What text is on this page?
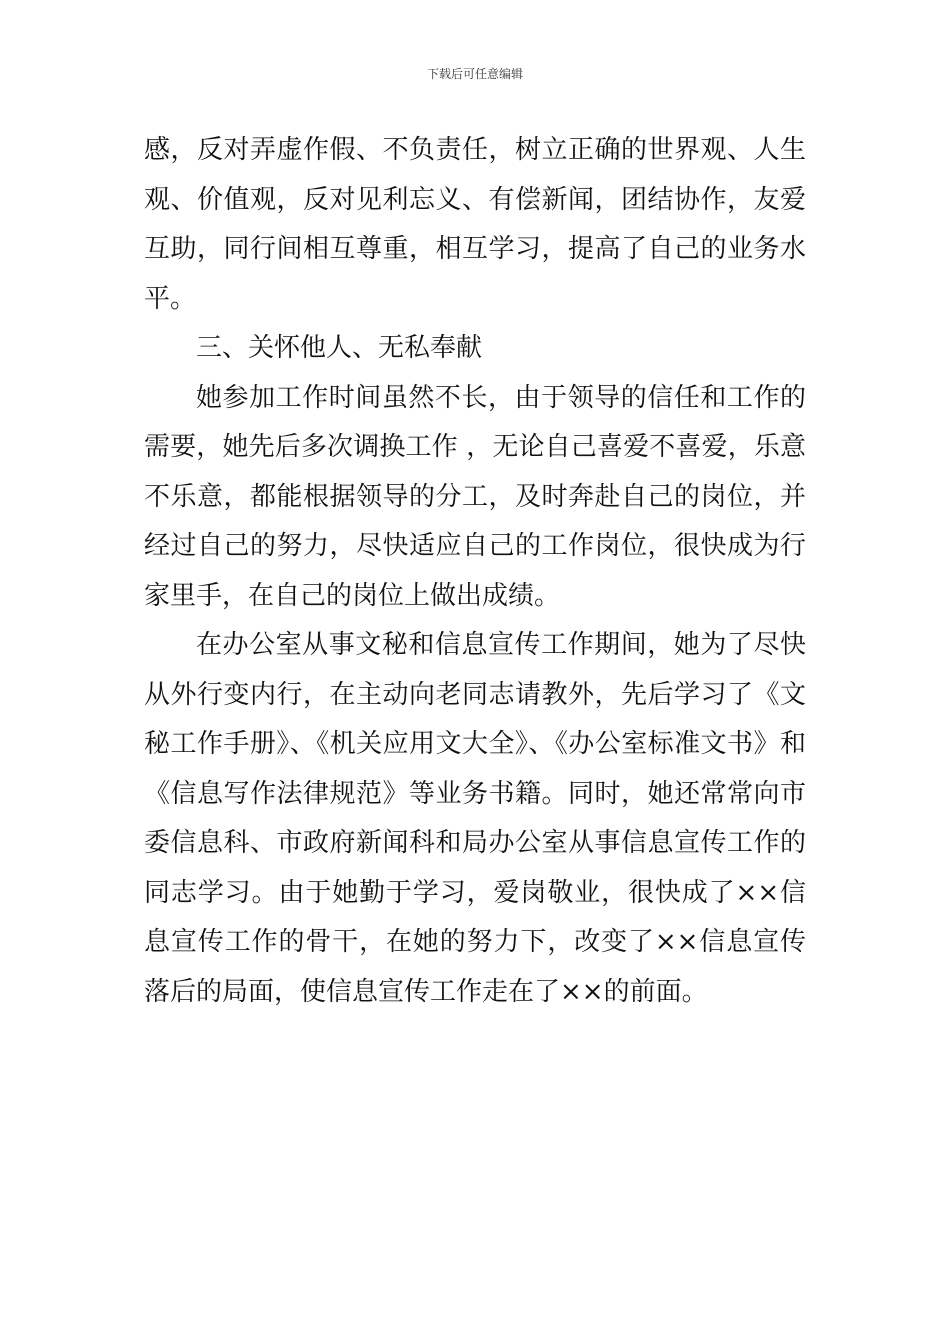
下载后可任意编辑

感，反对弄虚作假、不负责任，树立正确的世界观、人生观、价值观，反对见利忘义、有偿新闻，团结协作，友爱互助，同行间相互尊重，相互学习，提高了自己的业务水平。

三、关怀他人、无私奉献

她参加工作时间虽然不长，由于领导的信任和工作的需要，她先后多次调换工作 ，无论自己喜爱不喜爱，乐意不乐意，都能根据领导的分工，及时奔赴自己的岗位，并经过自己的努力，尽快适应自己的工作岗位，很快成为行家里手，在自己的岗位上做出成绩。

在办公室从事文秘和信息宣传工作期间，她为了尽快从外行变内行，在主动向老同志请教外，先后学习了《文秘工作手册》、《机关应用文大全》、《办公室标准文书》和《信息写作法律规范》等业务书籍。同时，她还常常向市委信息科、市政府新闻科和局办公室从事信息宣传工作的同志学习。由于她勤于学习，爱岗敬业，很快成了××信息宣传工作的骨干，在她的努力下，改变了××信息宣传落后的局面，使信息宣传工作走在了××的前面。
